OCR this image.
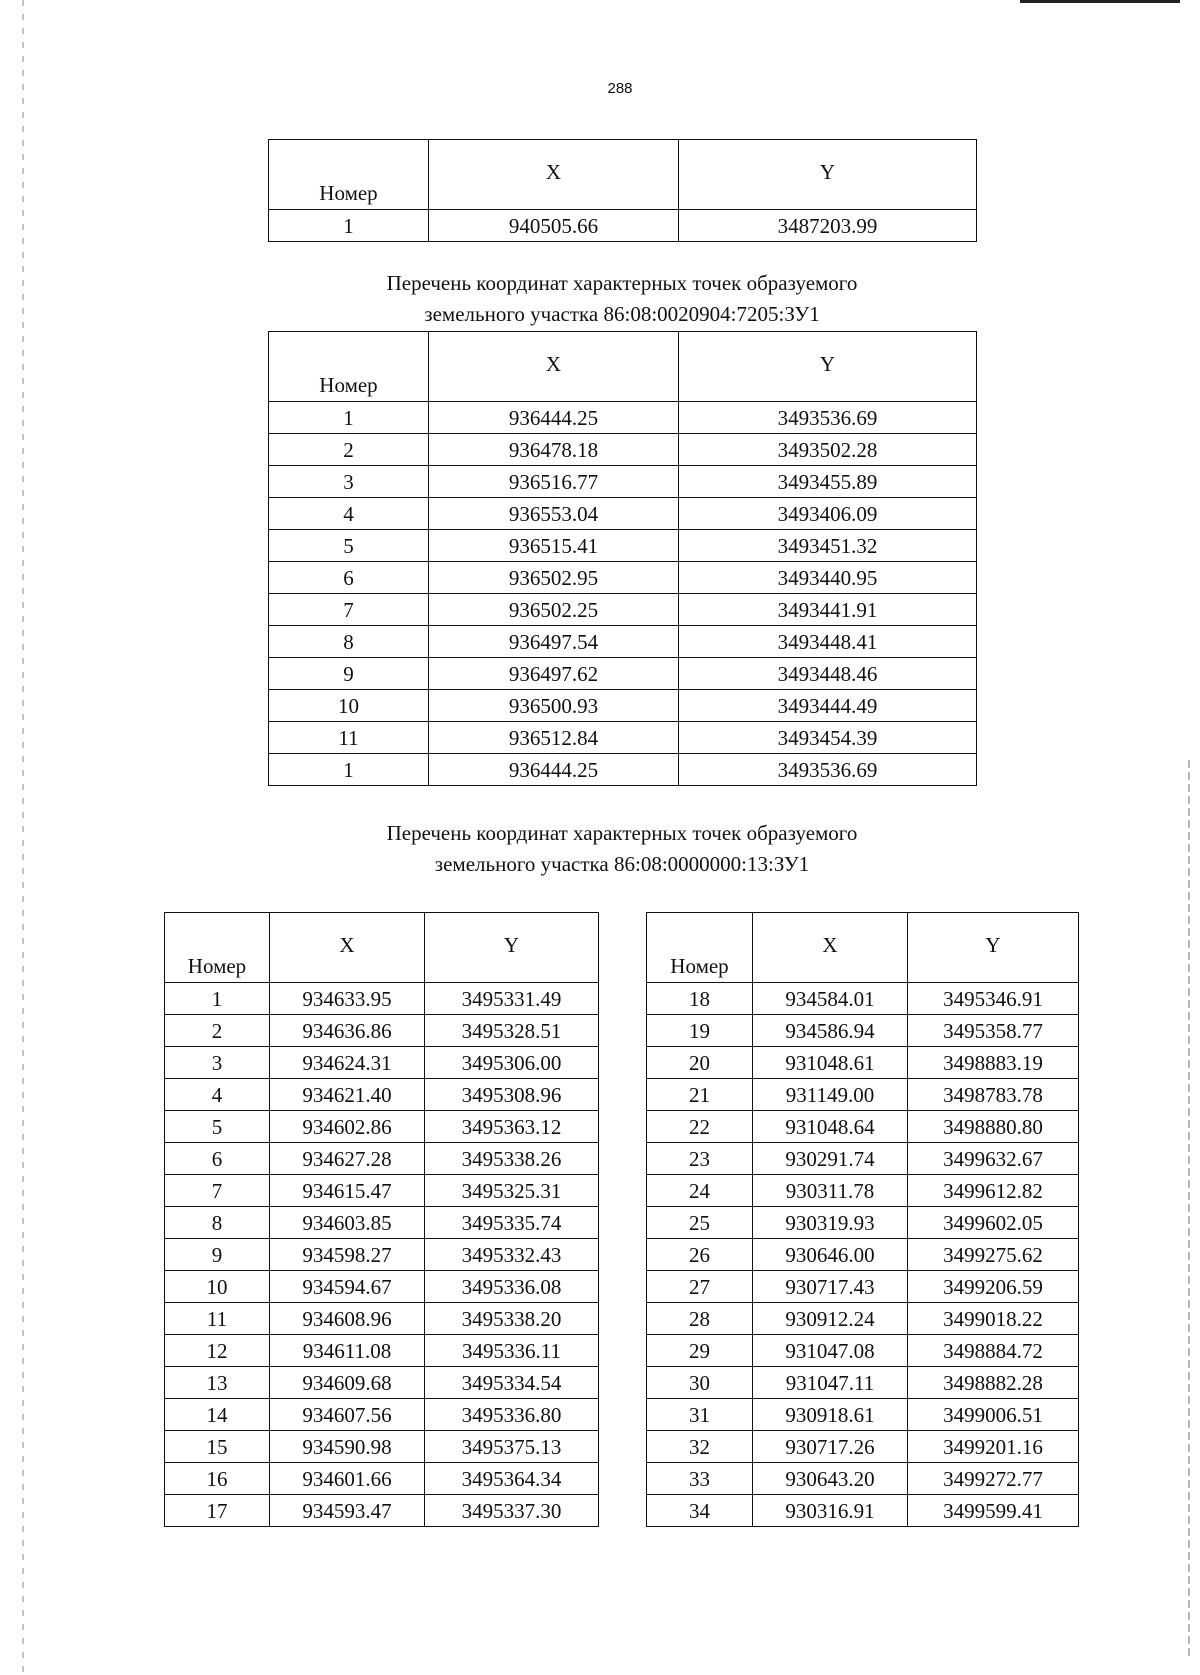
288
Номер	X	Y
1	940505.66	3487203.99
Перечень координат характерных точек образуемого
земельного участка 86:08:0020904:7205:ЗУ1
Номер	X	Y
1	936444.25	3493536.69
2	936478.18	3493502.28
3	936516.77	3493455.89
4	936553.04	3493406.09
5	936515.41	3493451.32
6	936502.95	3493440.95
7	936502.25	3493441.91
8	936497.54	3493448.41
9	936497.62	3493448.46
10	936500.93	3493444.49
11	936512.84	3493454.39
1	936444.25	3493536.69
Перечень координат характерных точек образуемого
земельного участка 86:08:0000000:13:ЗУ1
Номер	X	Y
1	934633.95	3495331.49
2	934636.86	3495328.51
3	934624.31	3495306.00
4	934621.40	3495308.96
5	934602.86	3495363.12
6	934627.28	3495338.26
7	934615.47	3495325.31
8	934603.85	3495335.74
9	934598.27	3495332.43
10	934594.67	3495336.08
11	934608.96	3495338.20
12	934611.08	3495336.11
13	934609.68	3495334.54
14	934607.56	3495336.80
15	934590.98	3495375.13
16	934601.66	3495364.34
17	934593.47	3495337.30
Номер	X	Y
18	934584.01	3495346.91
19	934586.94	3495358.77
20	931048.61	3498883.19
21	931149.00	3498783.78
22	931048.64	3498880.80
23	930291.74	3499632.67
24	930311.78	3499612.82
25	930319.93	3499602.05
26	930646.00	3499275.62
27	930717.43	3499206.59
28	930912.24	3499018.22
29	931047.08	3498884.72
30	931047.11	3498882.28
31	930918.61	3499006.51
32	930717.26	3499201.16
33	930643.20	3499272.77
34	930316.91	3499599.41
